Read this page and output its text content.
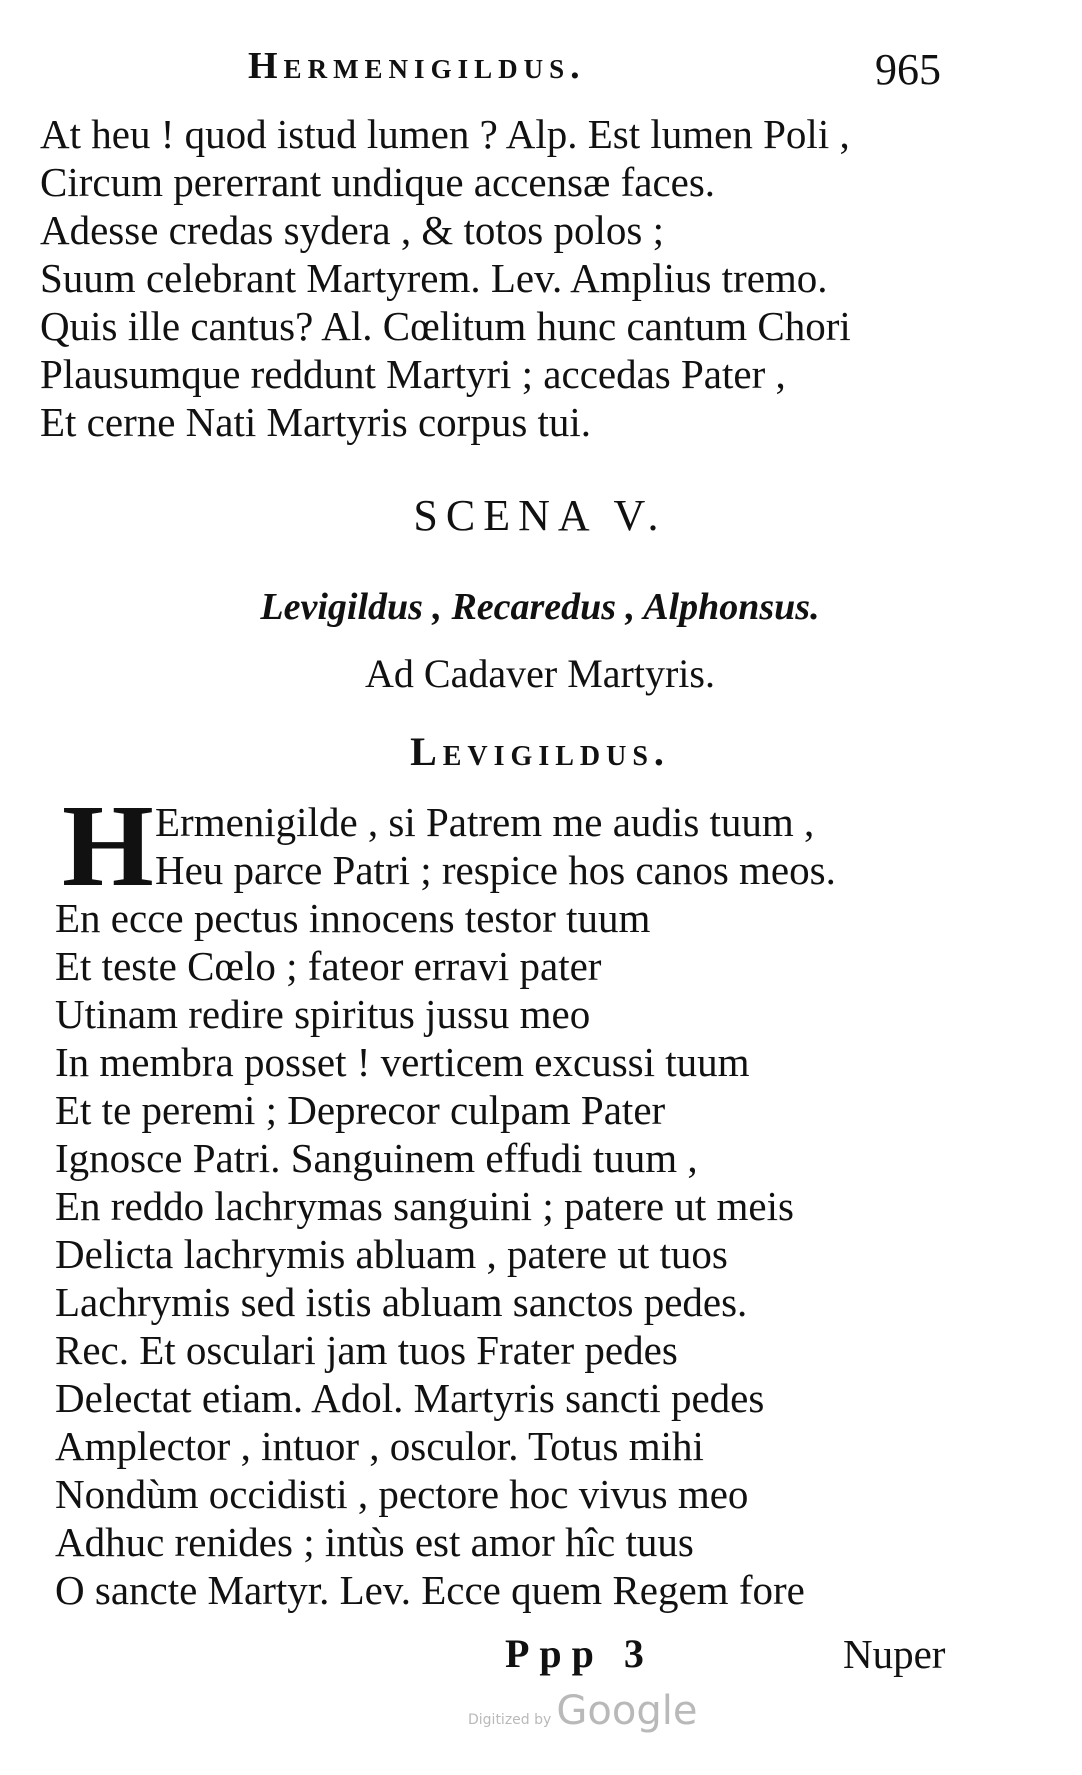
Hermenigildus.	965
At heu ! quod istud lumen ? Alp. Est lumen Poli ,
Circum pererrant undique accensæ faces.
Adesse credas sydera , & totos polos ;
Suum celebrant Martyrem. Lev. Amplius tremo.
Quis ille cantus? Al. Cœlitum hunc cantum Chori
Plausumque reddunt Martyri ; accedas Pater ,
Et cerne Nati Martyris corpus tui.
SCENA V.
Levigildus , Recaredus , Alphonsus.
Ad Cadaver Martyris.
Levigildus.
H Ermenigilde , si Patrem me audis tuum ,
Heu parce Patri ; respice hos canos meos.
En ecce pectus innocens testor tuum
Et teste Cœlo ; fateor erravi pater
Utinam redire spiritus jussu meo
In membra posset ! verticem excussi tuum
Et te peremi ; Deprecor culpam Pater
Ignosce Patri. Sanguinem effudi tuum ,
En reddo lachrymas sanguini ; patere ut meis
Delicta lachrymis abluam , patere ut tuos
Lachrymis sed istis abluam sanctos pedes.
Rec. Et osculari jam tuos Frater pedes
Delectat etiam. Adol. Martyris sancti pedes
Amplector , intuor , osculor. Totus mihi
Nondùm occidisti , pectore hoc vivus meo
Adhuc renides ; intùs est amor hîc tuus
O sancte Martyr. Lev. Ecce quem Regem fore
Ppp 3	Nuper
Digitized by Google
